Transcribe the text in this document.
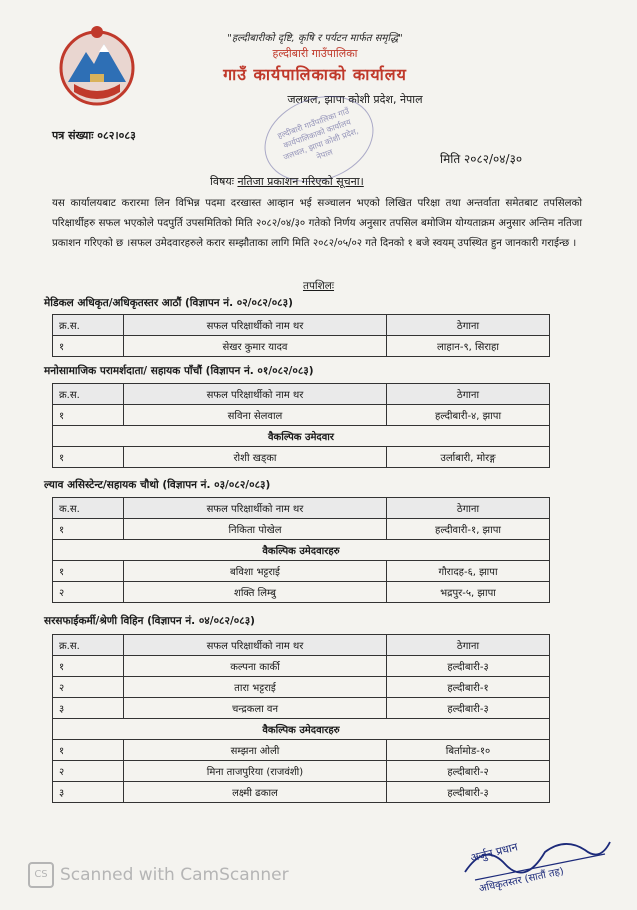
"हल्दीबारीको दृष्टि, कृषि र पर्यटन मार्फत समृद्धि"
हल्दीबारी गाउँपालिका
गाउँ कार्यपालिकाको कार्यालय
जलथल, झापा कोशी प्रदेश, नेपाल
हल्दीबारी गाउँपालिका गाउँ कार्यपालिकाको कार्यालय जलथल, झापा कोशी प्रदेश, नेपाल
पत्र संख्याः ०८२।०८३
मिति २०८२/०४/३०
विषयः नतिजा प्रकाशन गरिएको सूचना।
यस कार्यालयबाट करारमा लिन विभिन्न पदमा दरखास्त आव्हान भई सञ्चालन भएको लिखित परिक्षा तथा अन्तर्वाता समेतबाट तपसिलको परिक्षार्थीहरु सफल भएकोले पदपुर्ति उपसमितिको मिति २०८२/०४/३० गतेको निर्णय अनुसार तपसिल बमोजिम योग्यताक्रम अनुसार अन्तिम नतिजा प्रकाशन गरिएको छ ।सफल उमेदवारहरुले करार सम्झौताका लागि मिति २०८२/०५/०२ गते दिनको १ बजे स्वयम् उपस्थित हुन जानकारी गराईन्छ ।
तपशिलः
मेडिकल अधिकृत/अधिकृतस्तर आठौं (विज्ञापन नं. ०२/०८२/०८३)
क्र.स.	सफल परिक्षार्थीको नाम थर	ठेगाना
१	सेखर कुमार यादव	लाहान-९, सिराहा
मनोसामाजिक परामर्शदाता/ सहायक पाँचौं (विज्ञापन नं. ०१/०८२/०८३)
क्र.स.	सफल परिक्षार्थीको नाम थर	ठेगाना
१	सविना सेलवाल	हल्दीबारी-४, झापा
वैकल्पिक उमेदवार		
१	रोशी खड्का	उर्लाबारी, मोरङ्ग
ल्याव असिस्टेन्ट/सहायक चौथो (विज्ञापन नं. ०३/०८२/०८३)
क.स.	सफल परिक्षार्थीको नाम थर	ठेगाना
१	निकिता पोखेल	हल्दीवारी-१, झापा
वैकल्पिक उमेदवारहरु		
१	बविशा भट्टराई	गौरादह-६, झापा
२	शक्ति लिम्बु	भद्रपुर-५, झापा
सरसफाईकर्मी/श्रेणी विहिन (विज्ञापन नं. ०४/०८२/०८३)
क्र.स.	सफल परिक्षार्थीको नाम थर	ठेगाना
१	कल्पना कार्की	हल्दीबारी-३
२	तारा भट्टराई	हल्दीबारी-१
३	चन्द्रकला वन	हल्दीबारी-३
वैकल्पिक उमेदवारहरु		
१	सम्झना ओली	बिर्तामोड-१०
२	मिना ताजपुरिया (राजवंशी)	हल्दीबारी-२
३	लक्ष्मी ढकाल	हल्दीबारी-३
अर्जुन प्रधान
अधिकृतस्तर (सातौं तह)
CS Scanned with CamScanner
